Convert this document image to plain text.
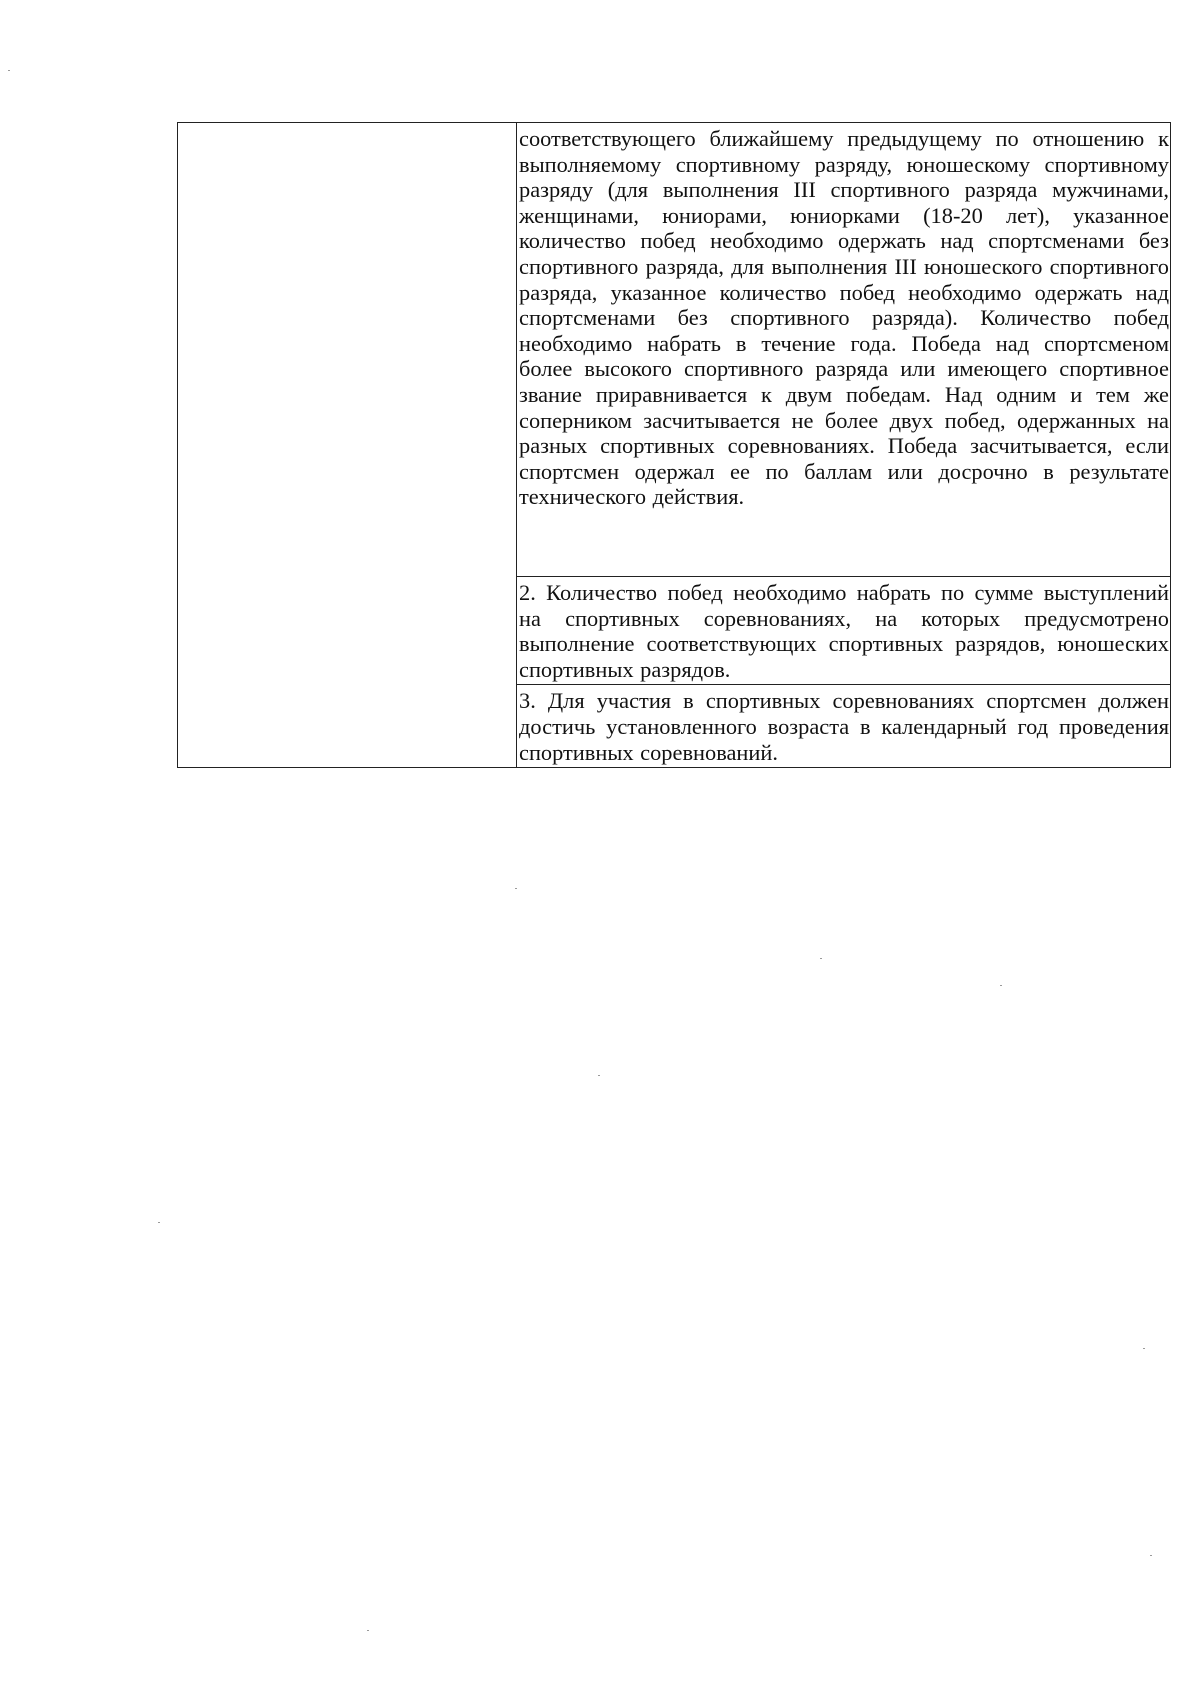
соответствующего ближайшему предыдущему по отношению к выполняемому спортивному разряду, юношескому спортивному разряду (для выполнения III спортивного разряда мужчинами, женщинами, юниорами, юниорками (18-20 лет), указанное количество побед необходимо одержать над спортсменами без спортивного разряда, для выполнения III юношеского спортивного разряда, указанное количество побед необходимо одержать над спортсменами без спортивного разряда). Количество побед необходимо набрать в течение года. Победа над спортсменом более высокого спортивного разряда или имеющего спортивное звание приравнивается к двум победам. Над одним и тем же соперником засчитывается не более двух побед, одержанных на разных спортивных соревнованиях. Победа засчитывается, если спортсмен одержал ее по баллам или досрочно в результате технического действия.

2. Количество побед необходимо набрать по сумме выступлений на спортивных соревнованиях, на которых предусмотрено выполнение соответствующих спортивных разрядов, юношеских спортивных разрядов.

3. Для участия в спортивных соревнованиях спортсмен должен достичь установленного возраста в календарный год проведения спортивных соревнований.
